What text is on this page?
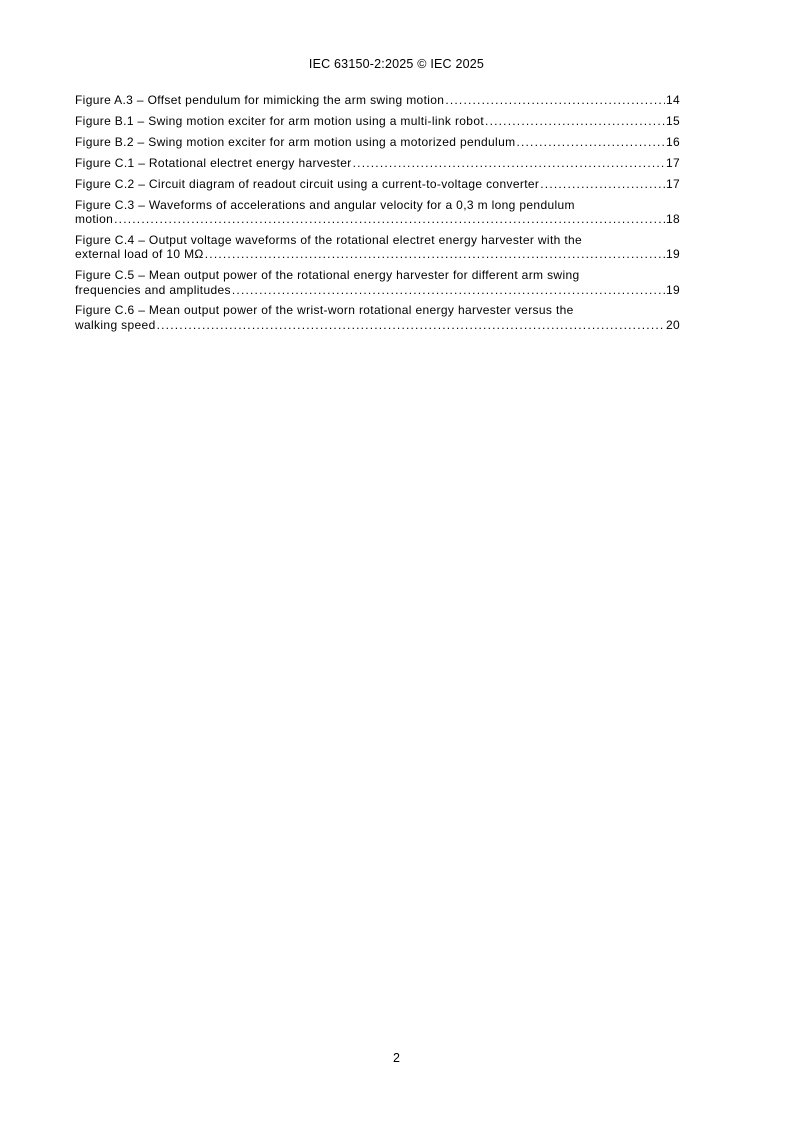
IEC 63150-2:2025 © IEC 2025
Figure A.3 – Offset pendulum for mimicking the arm swing motion .....	14
Figure B.1 – Swing motion exciter for arm motion using a multi-link robot .....	15
Figure B.2 – Swing motion exciter for arm motion using a motorized pendulum .....	16
Figure C.1 – Rotational electret energy harvester .....	17
Figure C.2 – Circuit diagram of readout circuit using a current-to-voltage converter .....	17
Figure C.3 – Waveforms of accelerations and angular velocity for a 0,3 m long pendulum
motion .....	18
Figure C.4 – Output voltage waveforms of the rotational electret energy harvester with the
external load of 10 MΩ .....	19
Figure C.5 – Mean output power of the rotational energy harvester for different arm swing
frequencies and amplitudes .....	19
Figure C.6 – Mean output power of the wrist-worn rotational energy harvester versus the
walking speed .....	20
2
